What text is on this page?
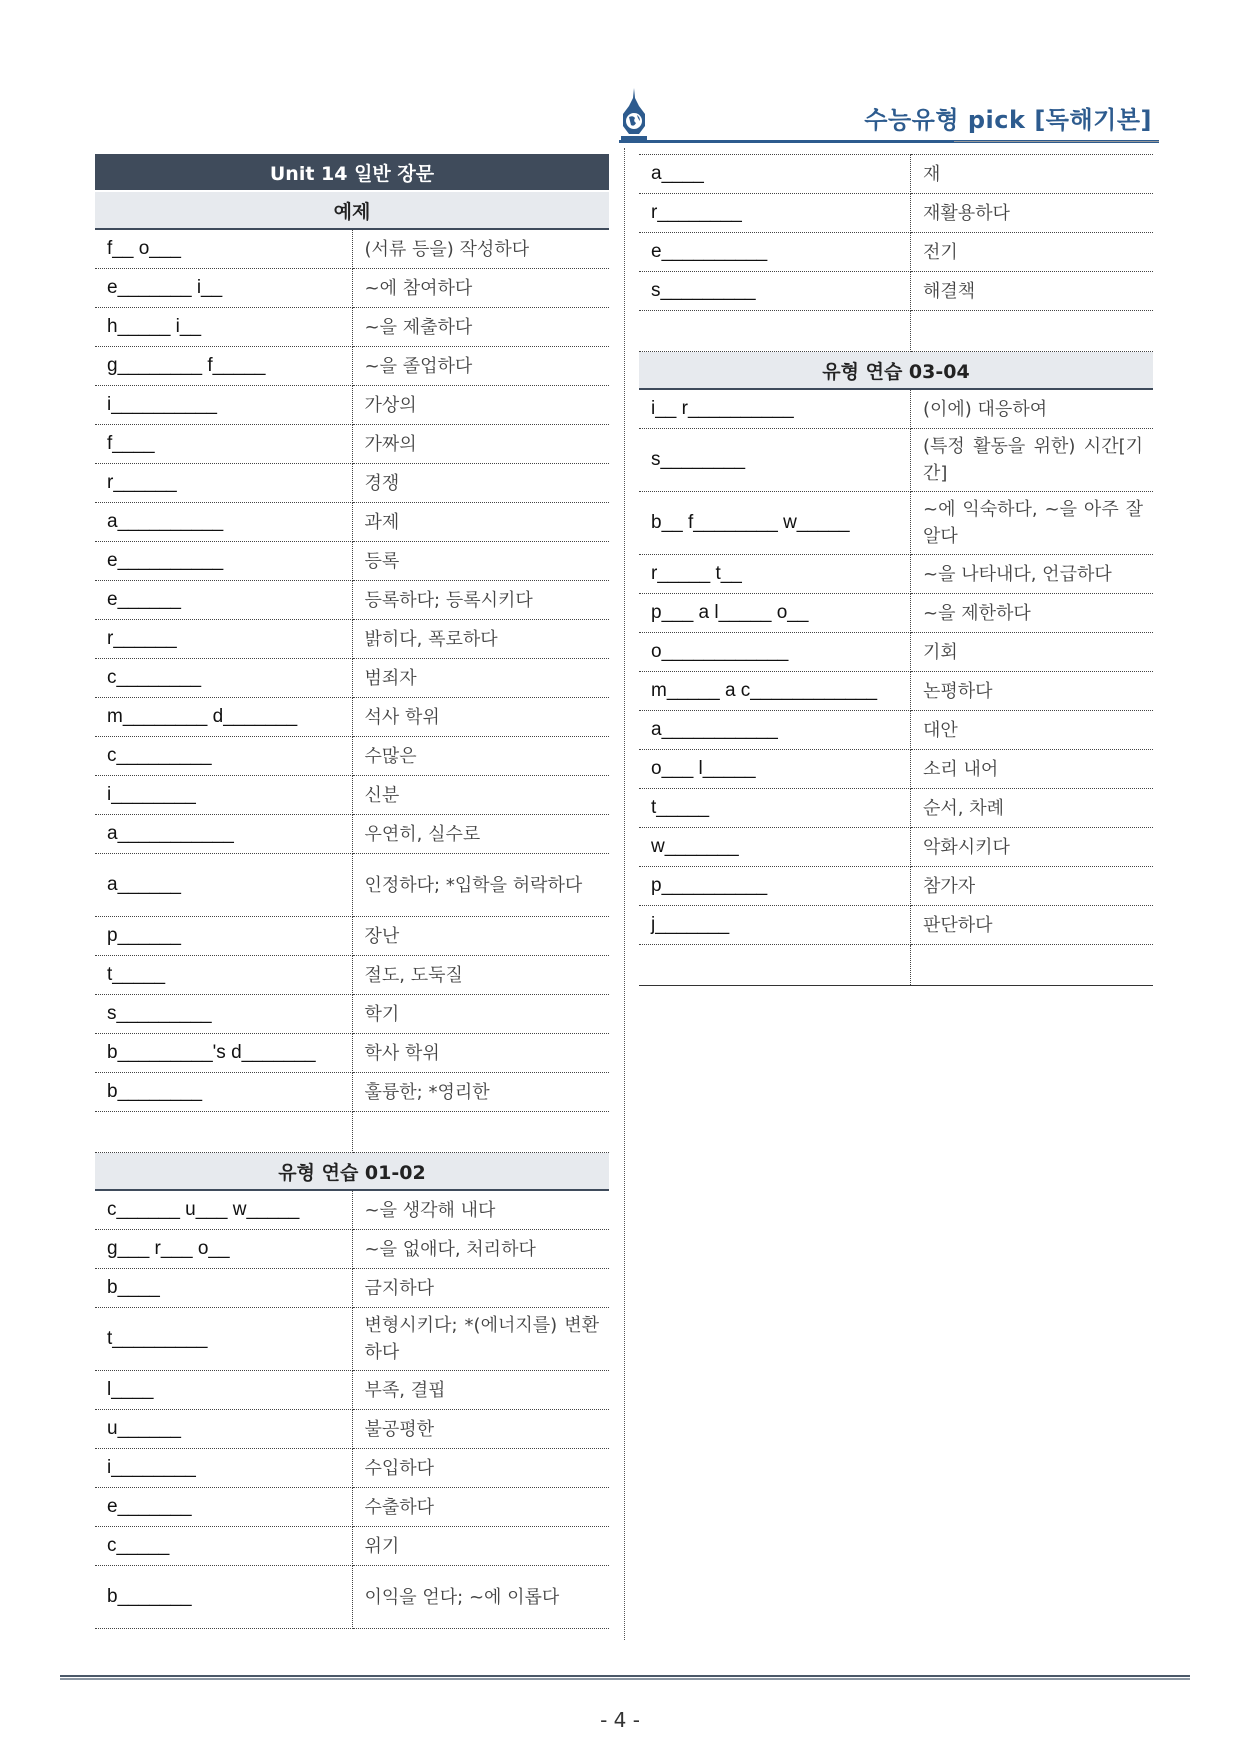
수능유형 pick [독해기본]
Unit 14 일반 장문	
예제	
f__ o___	(서류 등을) 작성하다
e_______ i__	~에 참여하다
h_____ i__	~을 제출하다
g________ f_____	~을 졸업하다
i__________	가상의
f____	가짜의
r______	경쟁
a__________	과제
e__________	등록
e______	등록하다; 등록시키다
r______	밝히다, 폭로하다
c________	범죄자
m________ d_______	석사 학위
c_________	수많은
i________	신분
a___________	우연히, 실수로
a______	인정하다; *입학을 허락하다
p______	장난
t_____	절도, 도둑질
s_________	학기
b_________'s d_______	학사 학위
b________	훌륭한; *영리한

유형 연습 01-02	
c______ u___ w_____	~을 생각해 내다
g___ r___ o__	~을 없애다, 처리하다
b____	금지하다
t_________	변형시키다; *(에너지를) 변환하다
l____	부족, 결핍
u______	불공평한
i________	수입하다
e_______	수출하다
c_____	위기
b_______	이익을 얻다; ~에 이롭다
a____	재
r________	재활용하다
e__________	전기
s_________	해결책

유형 연습 03-04	
i__ r__________	(이에) 대응하여
s________	(특정 활동을 위한) 시간[기간]
b__ f________ w_____	~에 익숙하다, ~을 아주 잘 알다
r_____ t__	~을 나타내다, 언급하다
p___ a l_____ o__	~을 제한하다
o____________	기회
m_____ a c____________	논평하다
a___________	대안
o___ l_____	소리 내어
t_____	순서, 차례
w_______	악화시키다
p__________	참가자
j_______	판단하다

- 4 -
